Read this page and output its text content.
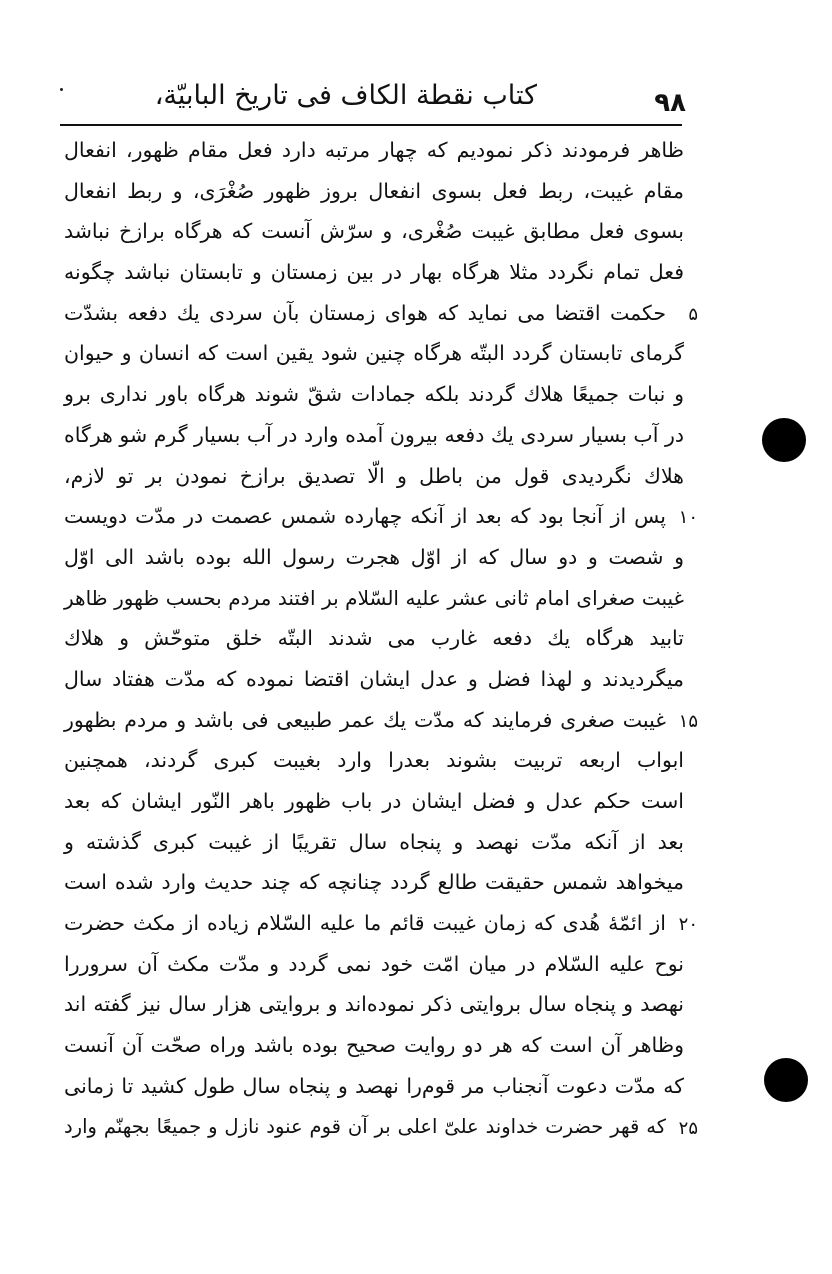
۹۸
کتاب نقطة الکاف فی تاریخ البابیّة،
ظاهر فرمودند ذکر نمودیم که چهار مرتبه دارد فعل مقام ظهور، انفعال
مقام غیبت، ربط فعل بسوی انفعال بروز ظهور صُغْرَی، و ربط انفعال
بسوی فعل مطابق غیبت صُغْری، و سرّش آنست که هرگاه برازخ نباشد
فعل تمام نگردد مثلا هرگاه بهار در بین زمستان و تابستان نباشد چگونه
۵
حکمت اقتضا می نماید که هوای زمستان بآن سردی یك دفعه بشدّت
گرمای تابستان گردد البتّه هرگاه چنین شود یقین است که انسان و حیوان
و نبات جمیعًا هلاك گردند بلکه جمادات شقّ شوند هرگاه باور نداری برو
در آب بسیار سردی یك دفعه بیرون آمده وارد در آب بسیار گرم شو هرگاه
هلاك نگردیدی قول من باطل و الّا تصدیق برازخ نمودن بر تو لازم،
۱۰
پس از آنجا بود که بعد از آنکه چهارده شمس عصمت در مدّت دویست
و شصت و دو سال که از اوّل هجرت رسول الله بوده باشد الی اوّل
غیبت صغرای امام ثانی عشر علیه السّلام بر افتند مردم بحسب ظهور ظاهر
تابید هرگاه یك دفعه غارب می شدند البتّه خلق متوحّش و هلاك
میگردیدند و لهذا فضل و عدل ایشان اقتضا نموده که مدّت هفتاد سال
۱۵
غیبت صغری فرمایند که مدّت یك عمر طبیعی فی باشد و مردم بظهور
ابواب اربعه تربیت بشوند بعدرا وارد بغیبت کبری گردند، همچنین
است حکم عدل و فضل ایشان در باب ظهور باهر النّور ایشان که بعد
بعد از آنکه مدّت نهصد و پنجاه سال تقریبًا از غیبت کبری گذشته و
میخواهد شمس حقیقت طالع گردد چنانچه که چند حدیث وارد شده است
۲۰
از ائمّهٔ هُدی که زمان غیبت قائم ما علیه السّلام زیاده از مکث حضرت
نوح علیه السّلام در میان امّت خود نمی گردد و مدّت مکث آن سروررا
نهصد و پنجاه سال بروایتی ذکر نموده‌اند و بروایتی هزار سال نیز گفته اند
وظاهر آن است که هر دو روایت صحیح بوده باشد وراه صحّت آن آنست
که مدّت دعوت آنجناب مر قوم‌را نهصد و پنجاه سال طول کشید تا زمانی
۲۵
که قهر حضرت خداوند علیّ اعلی بر آن قوم عنود نازل و جمیعًا بجهنّم وارد
